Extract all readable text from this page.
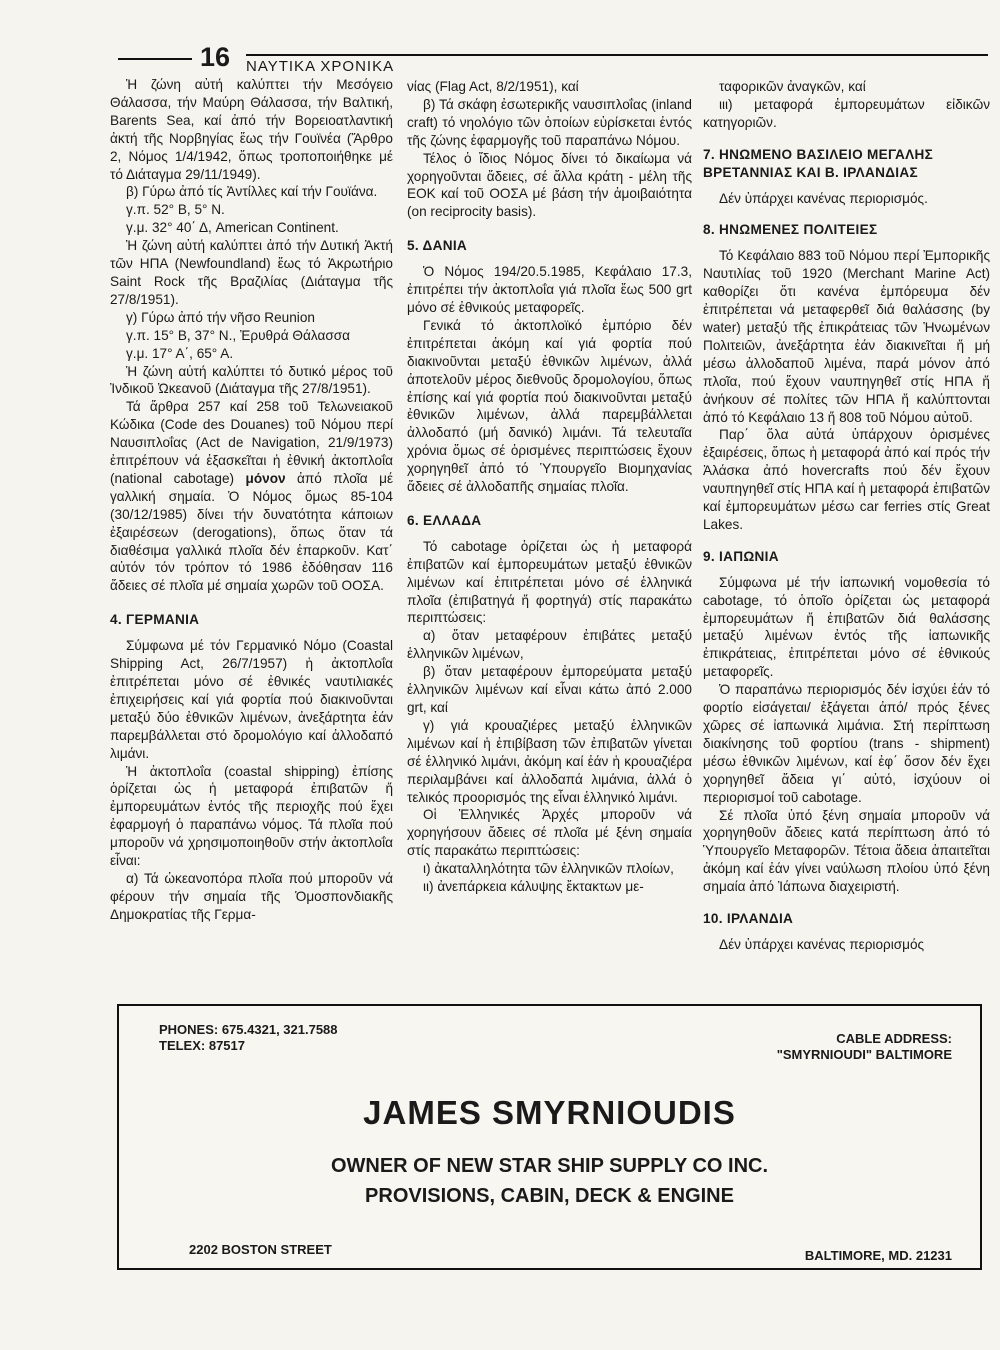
16 ΝΑΥΤΙΚΑ ΧΡΟΝΙΚΑ

Ἡ ζώνη αὐτή καλύπτει τήν Μεσόγειο Θάλασσα, τήν Μαύρη Θάλασσα, τήν Βαλτική, Barents Sea, καί ἀπό τήν Βορειοατλαντική ἀκτή τῆς Νορβηγίας ἕως τήν Γουϊνέα (Ἄρθρο 2, Νόμος 1/4/1942, ὅπως τροποποιήθηκε μέ τό Διάταγμα 29/11/1949).

β) Γύρω ἀπό τίς Ἀντίλλες καί τήν Γουϊάνα.

γ.π. 52° Β, 5° Ν.

γ.μ. 32° 40΄ Δ, American Continent.

Ἡ ζώνη αὐτή καλύπτει ἀπό τήν Δυτική Ἀκτή τῶν ΗΠΑ (Newfoundland) ἕως τό Ἀκρωτήριο Saint Rock τῆς Βραζιλίας (Διάταγμα τῆς 27/8/1951).

γ) Γύρω ἀπό τήν νῆσο Reunion

γ.π. 15° Β, 37° Ν., Ἐρυθρά Θάλασσα

γ.μ. 17° Α΄, 65° Α.

Ἡ ζώνη αὐτή καλύπτει τό δυτικό μέρος τοῦ Ἰνδικοῦ Ὠκεανοῦ (Διάταγμα τῆς 27/8/1951).

Τά ἄρθρα 257 καί 258 τοῦ Τελωνειακοῦ Κώδικα (Code des Douanes) τοῦ Νόμου περί Ναυσιπλοΐας (Act de Navigation, 21/9/1973) ἐπιτρέπουν νά ἐξασκεῖται ἡ ἐθνική ἀκτοπλοΐα (national cabotage) μόνον ἀπό πλοῖα μέ γαλλική σημαία. Ὁ Νόμος ὅμως 85-104 (30/12/1985) δίνει τήν δυνατότητα κάποιων ἐξαιρέσεων (derogations), ὅπως ὅταν τά διαθέσιμα γαλλικά πλοῖα δέν ἐπαρκοῦν. Κατ΄ αὐτόν τόν τρόπον τό 1986 ἐδόθησαν 116 ἄδειες σέ πλοῖα μέ σημαία χωρῶν τοῦ ΟΟΣΑ.

4. ΓΕΡΜΑΝΙΑ

Σύμφωνα μέ τόν Γερμανικό Νόμο (Coastal Shipping Act, 26/7/1957) ἡ ἀκτοπλοΐα ἐπιτρέπεται μόνο σέ ἐθνικές ναυτιλιακές ἐπιχειρήσεις καί γιά φορτία πού διακινοῦνται μεταξύ δύο ἐθνικῶν λιμένων, ἀνεξάρτητα ἐάν παρεμβάλλεται στό δρομολόγιο καί ἀλλοδαπό λιμάνι.

Ἡ ἀκτοπλοΐα (coastal shipping) ἐπίσης ὁρίζεται ὡς ἡ μεταφορά ἐπιβατῶν ἤ ἐμπορευμάτων ἐντός τῆς περιοχῆς πού ἔχει ἐφαρμογή ὁ παραπάνω νόμος. Τά πλοῖα πού μποροῦν νά χρησιμοποιηθοῦν στήν ἀκτοπλοΐα εἶναι:

α) Τά ὠκεανοπόρα πλοῖα πού μποροῦν νά φέρουν τήν σημαία τῆς Ὁμοσπονδιακῆς Δημοκρατίας τῆς Γερμα-

νίας (Flag Act, 8/2/1951), καί

β) Τά σκάφη ἐσωτερικῆς ναυσιπλοΐας (inland craft) τό νηολόγιο τῶν ὁποίων εὑρίσκεται ἐντός τῆς ζώνης ἐφαρμογῆς τοῦ παραπάνω Νόμου.

Τέλος ὁ ἴδιος Νόμος δίνει τό δικαίωμα νά χορηγοῦνται ἄδειες, σέ ἄλλα κράτη - μέλη τῆς ΕΟΚ καί τοῦ ΟΟΣΑ μέ βάση τήν ἀμοιβαιότητα (on reciprocity basis).

5. ΔΑΝΙΑ

Ὁ Νόμος 194/20.5.1985, Κεφάλαιο 17.3, ἐπιτρέπει τήν ἀκτοπλοΐα γιά πλοῖα ἕως 500 grt μόνο σέ ἐθνικούς μεταφορεῖς.

Γενικά τό ἀκτοπλοϊκό ἐμπόριο δέν ἐπιτρέπεται ἀκόμη καί γιά φορτία πού διακινοῦνται μεταξύ ἐθνικῶν λιμένων, ἀλλά ἀποτελοῦν μέρος διεθνοῦς δρομολογίου, ὅπως ἐπίσης καί γιά φορτία πού διακινοῦνται μεταξύ ἐθνικῶν λιμένων, ἀλλά παρεμβάλλεται ἀλλοδαπό (μή δανικό) λιμάνι. Τά τελευταῖα χρόνια ὅμως σέ ὁρισμένες περιπτώσεις ἔχουν χορηγηθεῖ ἀπό τό Ὑπουργεῖο Βιομηχανίας ἄδειες σέ ἀλλοδαπῆς σημαίας πλοῖα.

6. ΕΛΛΑΔΑ

Τό cabotage ὁρίζεται ὡς ἡ μεταφορά ἐπιβατῶν καί ἐμπορευμάτων μεταξύ ἐθνικῶν λιμένων καί ἐπιτρέπεται μόνο σέ ἑλληνικά πλοῖα (ἐπιβατηγά ἤ φορτηγά) στίς παρακάτω περιπτώσεις:

α) ὅταν μεταφέρουν ἐπιβάτες μεταξύ ἑλληνικῶν λιμένων,

β) ὅταν μεταφέρουν ἐμπορεύματα μεταξύ ἑλληνικῶν λιμένων καί εἶναι κάτω ἀπό 2.000 grt, καί

γ) γιά κρουαζιέρες μεταξύ ἑλληνικῶν λιμένων καί ἡ ἐπιβίβαση τῶν ἐπιβατῶν γίνεται σέ ἑλληνικό λιμάνι, ἀκόμη καί ἐάν ἡ κρουαζιέρα περιλαμβάνει καί ἀλλοδαπά λιμάνια, ἀλλά ὁ τελικός προορισμός της εἶναι ἑλληνικό λιμάνι.

Οἱ Ἑλληνικές Ἀρχές μποροῦν νά χορηγήσουν ἄδειες σέ πλοῖα μέ ξένη σημαία στίς παρακάτω περιπτώσεις:

ι) ἀκαταλληλότητα τῶν ἑλληνικῶν πλοίων,

ιι) ἀνεπάρκεια κάλυψης ἔκτακτων με-

ταφορικῶν ἀναγκῶν, καί

ιιι) μεταφορά ἐμπορευμάτων εἰδικῶν κατηγοριῶν.

7. ΗΝΩΜΕΝΟ ΒΑΣΙΛΕΙΟ ΜΕΓΑΛΗΣ ΒΡΕΤΑΝΝΙΑΣ ΚΑΙ Β. ΙΡΛΑΝΔΙΑΣ

Δέν ὑπάρχει κανένας περιορισμός.

8. ΗΝΩΜΕΝΕΣ ΠΟΛΙΤΕΙΕΣ

Τό Κεφάλαιο 883 τοῦ Νόμου περί Ἐμπορικῆς Ναυτιλίας τοῦ 1920 (Merchant Marine Act) καθορίζει ὅτι κανένα ἐμπόρευμα δέν ἐπιτρέπεται νά μεταφερθεῖ διά θαλάσσης (by water) μεταξύ τῆς ἐπικράτειας τῶν Ἡνωμένων Πολιτειῶν, ἀνεξάρτητα ἐάν διακινεῖται ἤ μή μέσω ἀλλοδαποῦ λιμένα, παρά μόνον ἀπό πλοῖα, πού ἔχουν ναυπηγηθεῖ στίς ΗΠΑ ἤ ἀνήκουν σέ πολίτες τῶν ΗΠΑ ἤ καλύπτονται ἀπό τό Κεφάλαιο 13 ἤ 808 τοῦ Νόμου αὐτοῦ.

Παρ΄ ὅλα αὐτά ὑπάρχουν ὁρισμένες ἐξαιρέσεις, ὅπως ἡ μεταφορά ἀπό καί πρός τήν Ἀλάσκα ἀπό hovercrafts πού δέν ἔχουν ναυπηγηθεῖ στίς ΗΠΑ καί ἡ μεταφορά ἐπιβατῶν καί ἐμπορευμάτων μέσω car ferries στίς Great Lakes.

9. ΙΑΠΩΝΙΑ

Σύμφωνα μέ τήν ἰαπωνική νομοθεσία τό cabotage, τό ὁποῖο ὁρίζεται ὡς μεταφορά ἐμπορευμάτων ἤ ἐπιβατῶν διά θαλάσσης μεταξύ λιμένων ἐντός τῆς ἰαπωνικῆς ἐπικράτειας, ἐπιτρέπεται μόνο σέ ἐθνικούς μεταφορεῖς.

Ὁ παραπάνω περιορισμός δέν ἰσχύει ἐάν τό φορτίο εἰσάγεται/ ἐξάγεται ἀπό/ πρός ξένες χῶρες σέ ἰαπωνικά λιμάνια. Στή περίπτωση διακίνησης τοῦ φορτίου (trans - shipment) μέσω ἐθνικῶν λιμένων, καί ἐφ΄ ὅσον δέν ἔχει χορηγηθεῖ ἄδεια γι΄ αὐτό, ἰσχύουν οἱ περιορισμοί τοῦ cabotage.

Σέ πλοῖα ὑπό ξένη σημαία μποροῦν νά χορηγηθοῦν ἄδειες κατά περίπτωση ἀπό τό Ὑπουργεῖο Μεταφορῶν. Τέτοια ἄδεια ἀπαιτεῖται ἀκόμη καί ἐάν γίνει ναύλωση πλοίου ὑπό ξένη σημαία ἀπό Ἰάπωνα διαχειριστή.

10. ΙΡΛΑΝΔΙΑ

Δέν ὑπάρχει κανένας περιορισμός

PHONES: 675.4321, 321.7588
TELEX: 87517	CABLE ADDRESS:
"SMYRNIOUDI" BALTIMORE
JAMES SMYRNIOUDIS
OWNER OF NEW STAR SHIP SUPPLY CO INC.
PROVISIONS, CABIN, DECK & ENGINE
2202 BOSTON STREET	BALTIMORE, MD. 21231
